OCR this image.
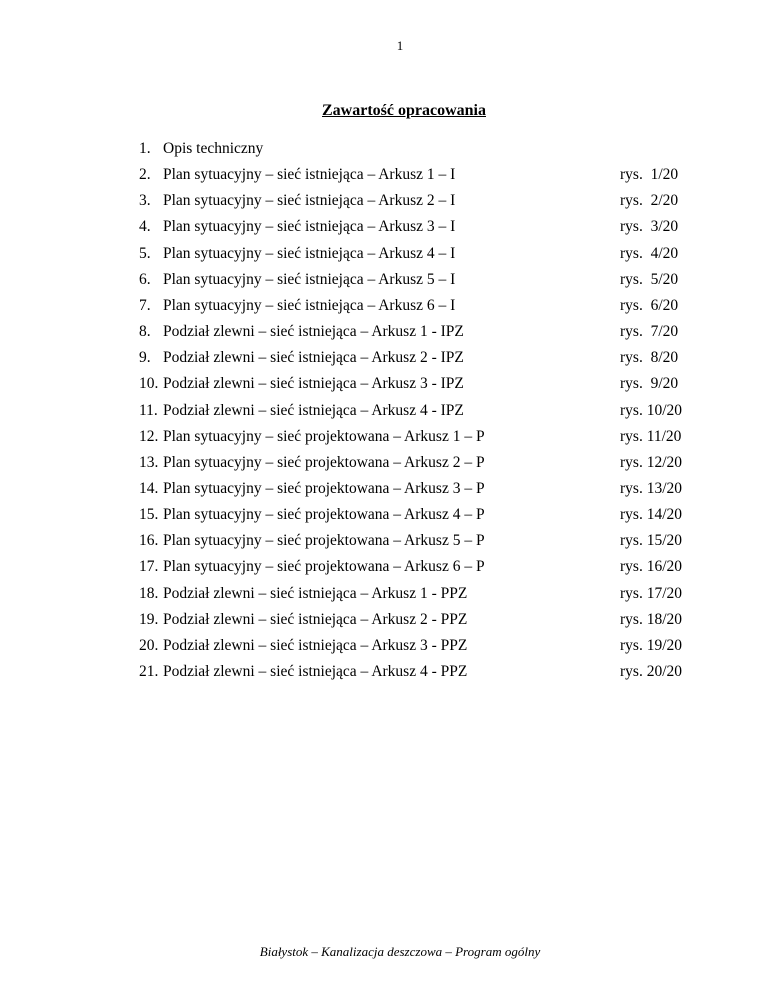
1
Zawartość opracowania
1. Opis techniczny
2. Plan sytuacyjny – sieć istniejąca – Arkusz 1 – I	rys.  1/20
3. Plan sytuacyjny – sieć istniejąca – Arkusz 2 – I	rys.  2/20
4. Plan sytuacyjny – sieć istniejąca – Arkusz 3 – I	rys.  3/20
5. Plan sytuacyjny – sieć istniejąca – Arkusz 4 – I	rys.  4/20
6. Plan sytuacyjny – sieć istniejąca – Arkusz 5 – I	rys.  5/20
7. Plan sytuacyjny – sieć istniejąca – Arkusz 6 – I	rys.  6/20
8. Podział zlewni – sieć istniejąca – Arkusz 1 - IPZ	rys.  7/20
9. Podział zlewni – sieć istniejąca – Arkusz 2 - IPZ	rys.  8/20
10. Podział zlewni – sieć istniejąca – Arkusz 3 - IPZ	rys.  9/20
11. Podział zlewni – sieć istniejąca – Arkusz 4 - IPZ	rys. 10/20
12. Plan sytuacyjny – sieć projektowana – Arkusz 1 – P	rys. 11/20
13. Plan sytuacyjny – sieć projektowana – Arkusz 2 – P	rys. 12/20
14. Plan sytuacyjny – sieć projektowana – Arkusz 3 – P	rys. 13/20
15. Plan sytuacyjny – sieć projektowana – Arkusz 4 – P	rys. 14/20
16. Plan sytuacyjny – sieć projektowana – Arkusz 5 – P	rys. 15/20
17. Plan sytuacyjny – sieć projektowana – Arkusz 6 – P	rys. 16/20
18. Podział zlewni – sieć istniejąca – Arkusz 1 - PPZ	rys. 17/20
19. Podział zlewni – sieć istniejąca – Arkusz 2 - PPZ	rys. 18/20
20. Podział zlewni – sieć istniejąca – Arkusz 3 - PPZ	rys. 19/20
21. Podział zlewni – sieć istniejąca – Arkusz 4 - PPZ	rys. 20/20
Białystok – Kanalizacja deszczowa – Program ogólny
